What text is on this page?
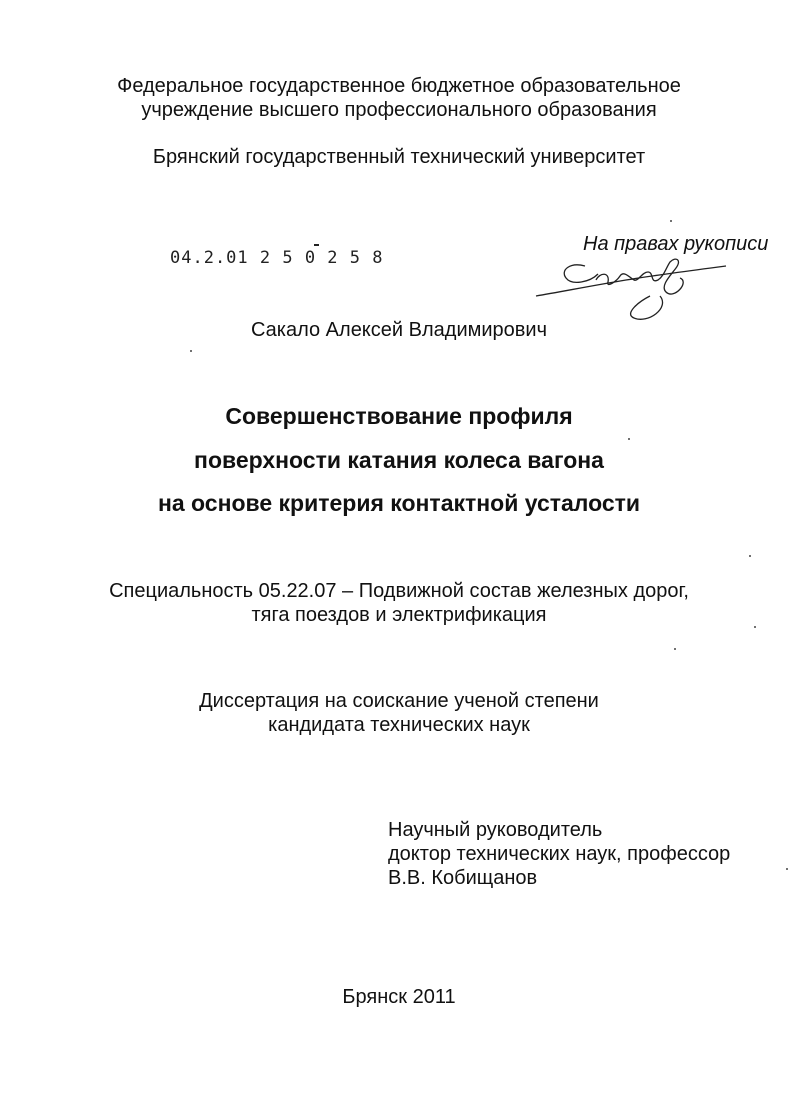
Федеральное государственное бюджетное образовательное
учреждение высшего профессионального образования
Брянский государственный технический университет
04.2.01 2 5 0 2 5 8
На правах рукописи
Сакало Алексей Владимирович
Совершенствование профиля
поверхности катания колеса вагона
на основе критерия контактной усталости
Специальность 05.22.07 – Подвижной состав железных дорог,
тяга поездов и электрификация
Диссертация на соискание ученой степени
кандидата технических наук
Научный руководитель
доктор технических наук, профессор
В.В. Кобищанов
Брянск 2011
